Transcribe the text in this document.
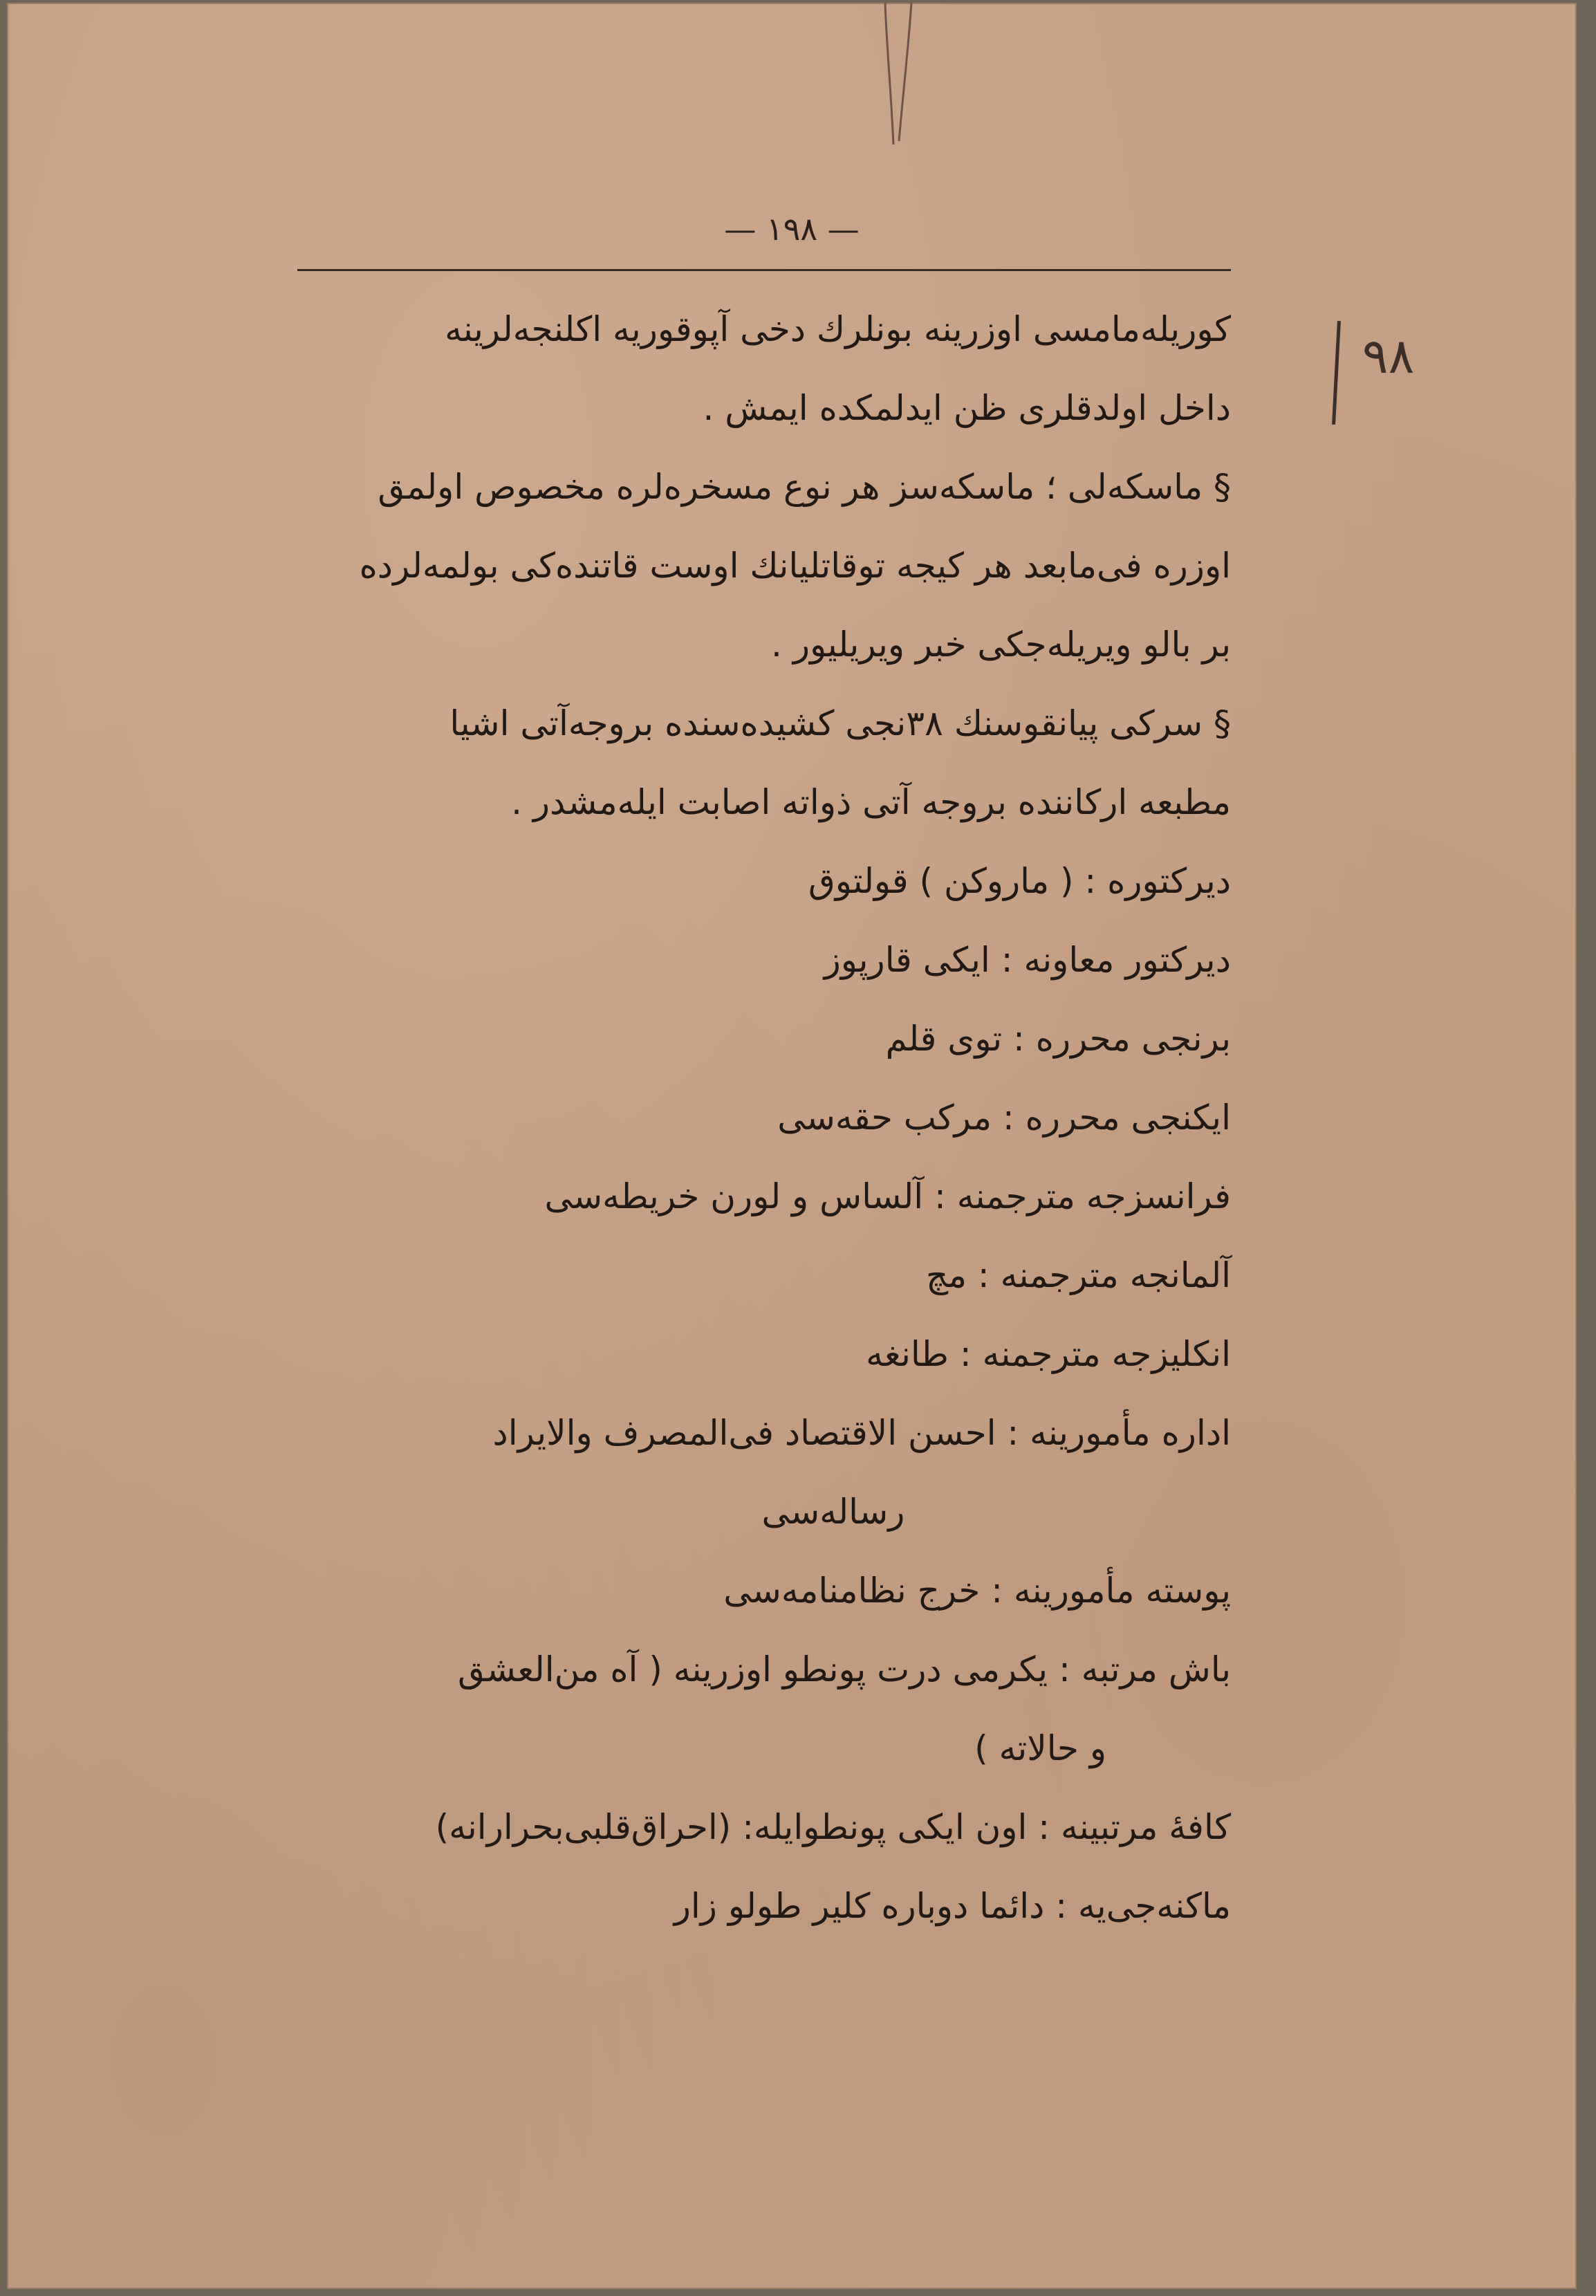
— ۱۹۸ —
۹۸

کوریله‌مامسی اوزرینه بونلرك دخی آپوقوریه اکلنجه‌لرینه

داخل اولدقلری ظن ایدلمکده ایمش .

§ ماسکه‌لی ؛ ماسکه‌سز هر نوع مسخره‌لره مخصوص اولمق

اوزره فی‌مابعد هر کیجه توقاتلیانك اوست قاتنده‌کی بولمه‌لرده

بر بالو ویریله‌جکی خبر ویریلیور .

§ سرکی پیانقوسنك ۳۸نجی کشیده‌سنده بروجه‌آتی اشیا

مطبعه ارکاننده بروجه آتی ذواته اصابت ایله‌مشدر .

دیرکتوره : ( ماروکن ) قولتوق

دیرکتور معاونه : ایکی قارپوز

برنجی محرره : توی قلم

ایکنجی محرره : مرکب حقه‌سی

فرانسزجه مترجمنه : آلساس و لورن خریطه‌سی

آلمانجه مترجمنه : مچ

انکلیزجه مترجمنه : طانغه

اداره مأمورینه : احسن الاقتصاد فی‌المصرف والایراد

رساله‌سی

پوسته مأمورینه : خرج نظامنامه‌سی

باش مرتبه : یکرمی درت پونطو اوزرینه ( آه من‌العشق

و حالاته )

کافهٔ مرتبینه : اون ایکی پونطوایله: (احراق‌قلبی‌بحرارانه)

ماکنه‌جی‌یه : دائما دوباره کلیر طولو زار
